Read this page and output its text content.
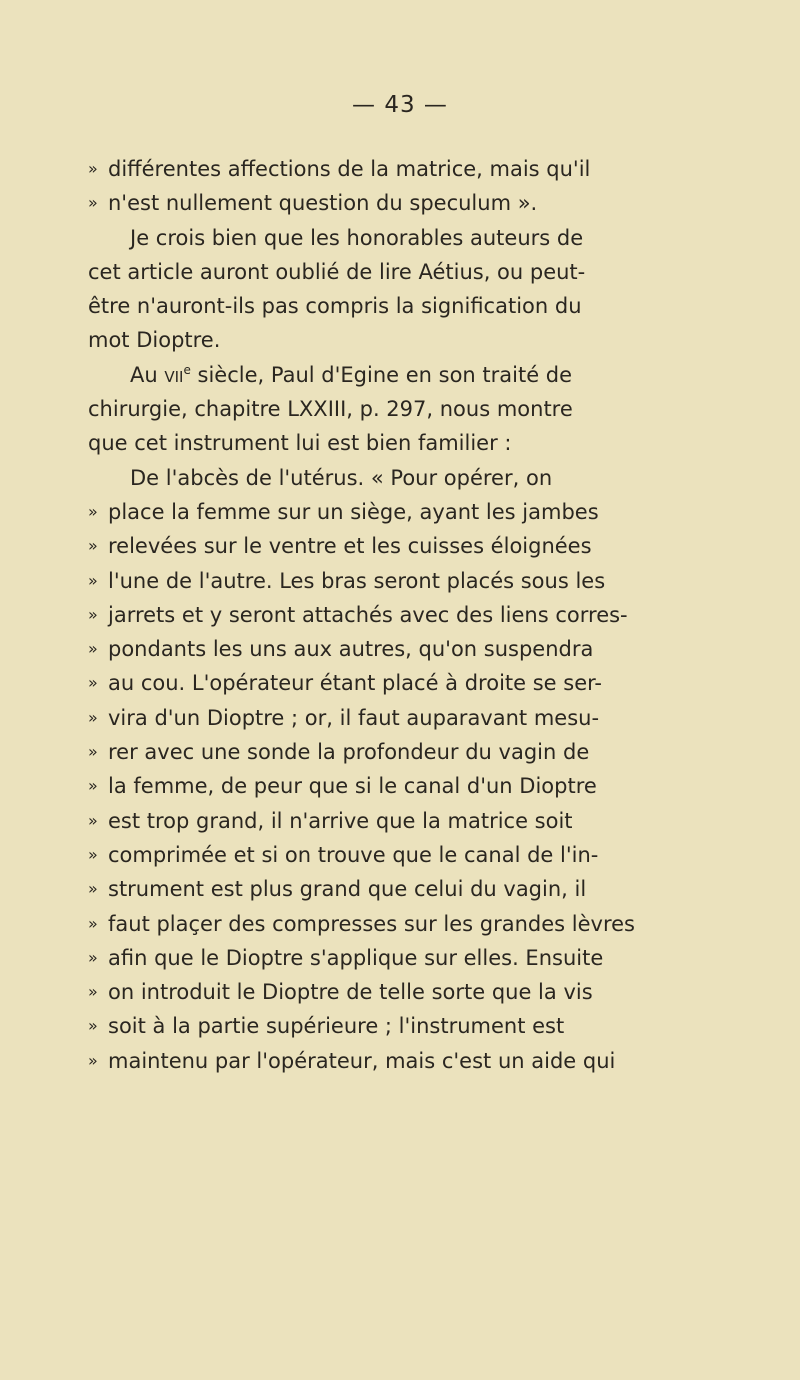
— 43 —
» différentes affections de la matrice, mais qu'il
» n'est nullement question du speculum ».
Je crois bien que les honorables auteurs de
cet article auront oublié de lire Aétius, ou peut-
être n'auront-ils pas compris la signification du
mot Dioptre.
Au vii$^e$ siècle, Paul d'Egine en son traité de
chirurgie, chapitre LXXIII, p. 297, nous montre
que cet instrument lui est bien familier :
De l'abcès de l'utérus. « Pour opérer, on
» place la femme sur un siège, ayant les jambes
» relevées sur le ventre et les cuisses éloignées
» l'une de l'autre. Les bras seront placés sous les
» jarrets et y seront attachés avec des liens corres-
» pondants les uns aux autres, qu'on suspendra
» au cou. L'opérateur étant placé à droite se ser-
» vira d'un Dioptre ; or, il faut auparavant mesu-
» rer avec une sonde la profondeur du vagin de
» la femme, de peur que si le canal d'un Dioptre
» est trop grand, il n'arrive que la matrice soit
» comprimée et si on trouve que le canal de l'in-
» strument est plus grand que celui du vagin, il
» faut plaçer des compresses sur les grandes lèvres
» afin que le Dioptre s'applique sur elles. Ensuite
» on introduit le Dioptre de telle sorte que la vis
» soit à la partie supérieure ; l'instrument est
» maintenu par l'opérateur, mais c'est un aide qui
